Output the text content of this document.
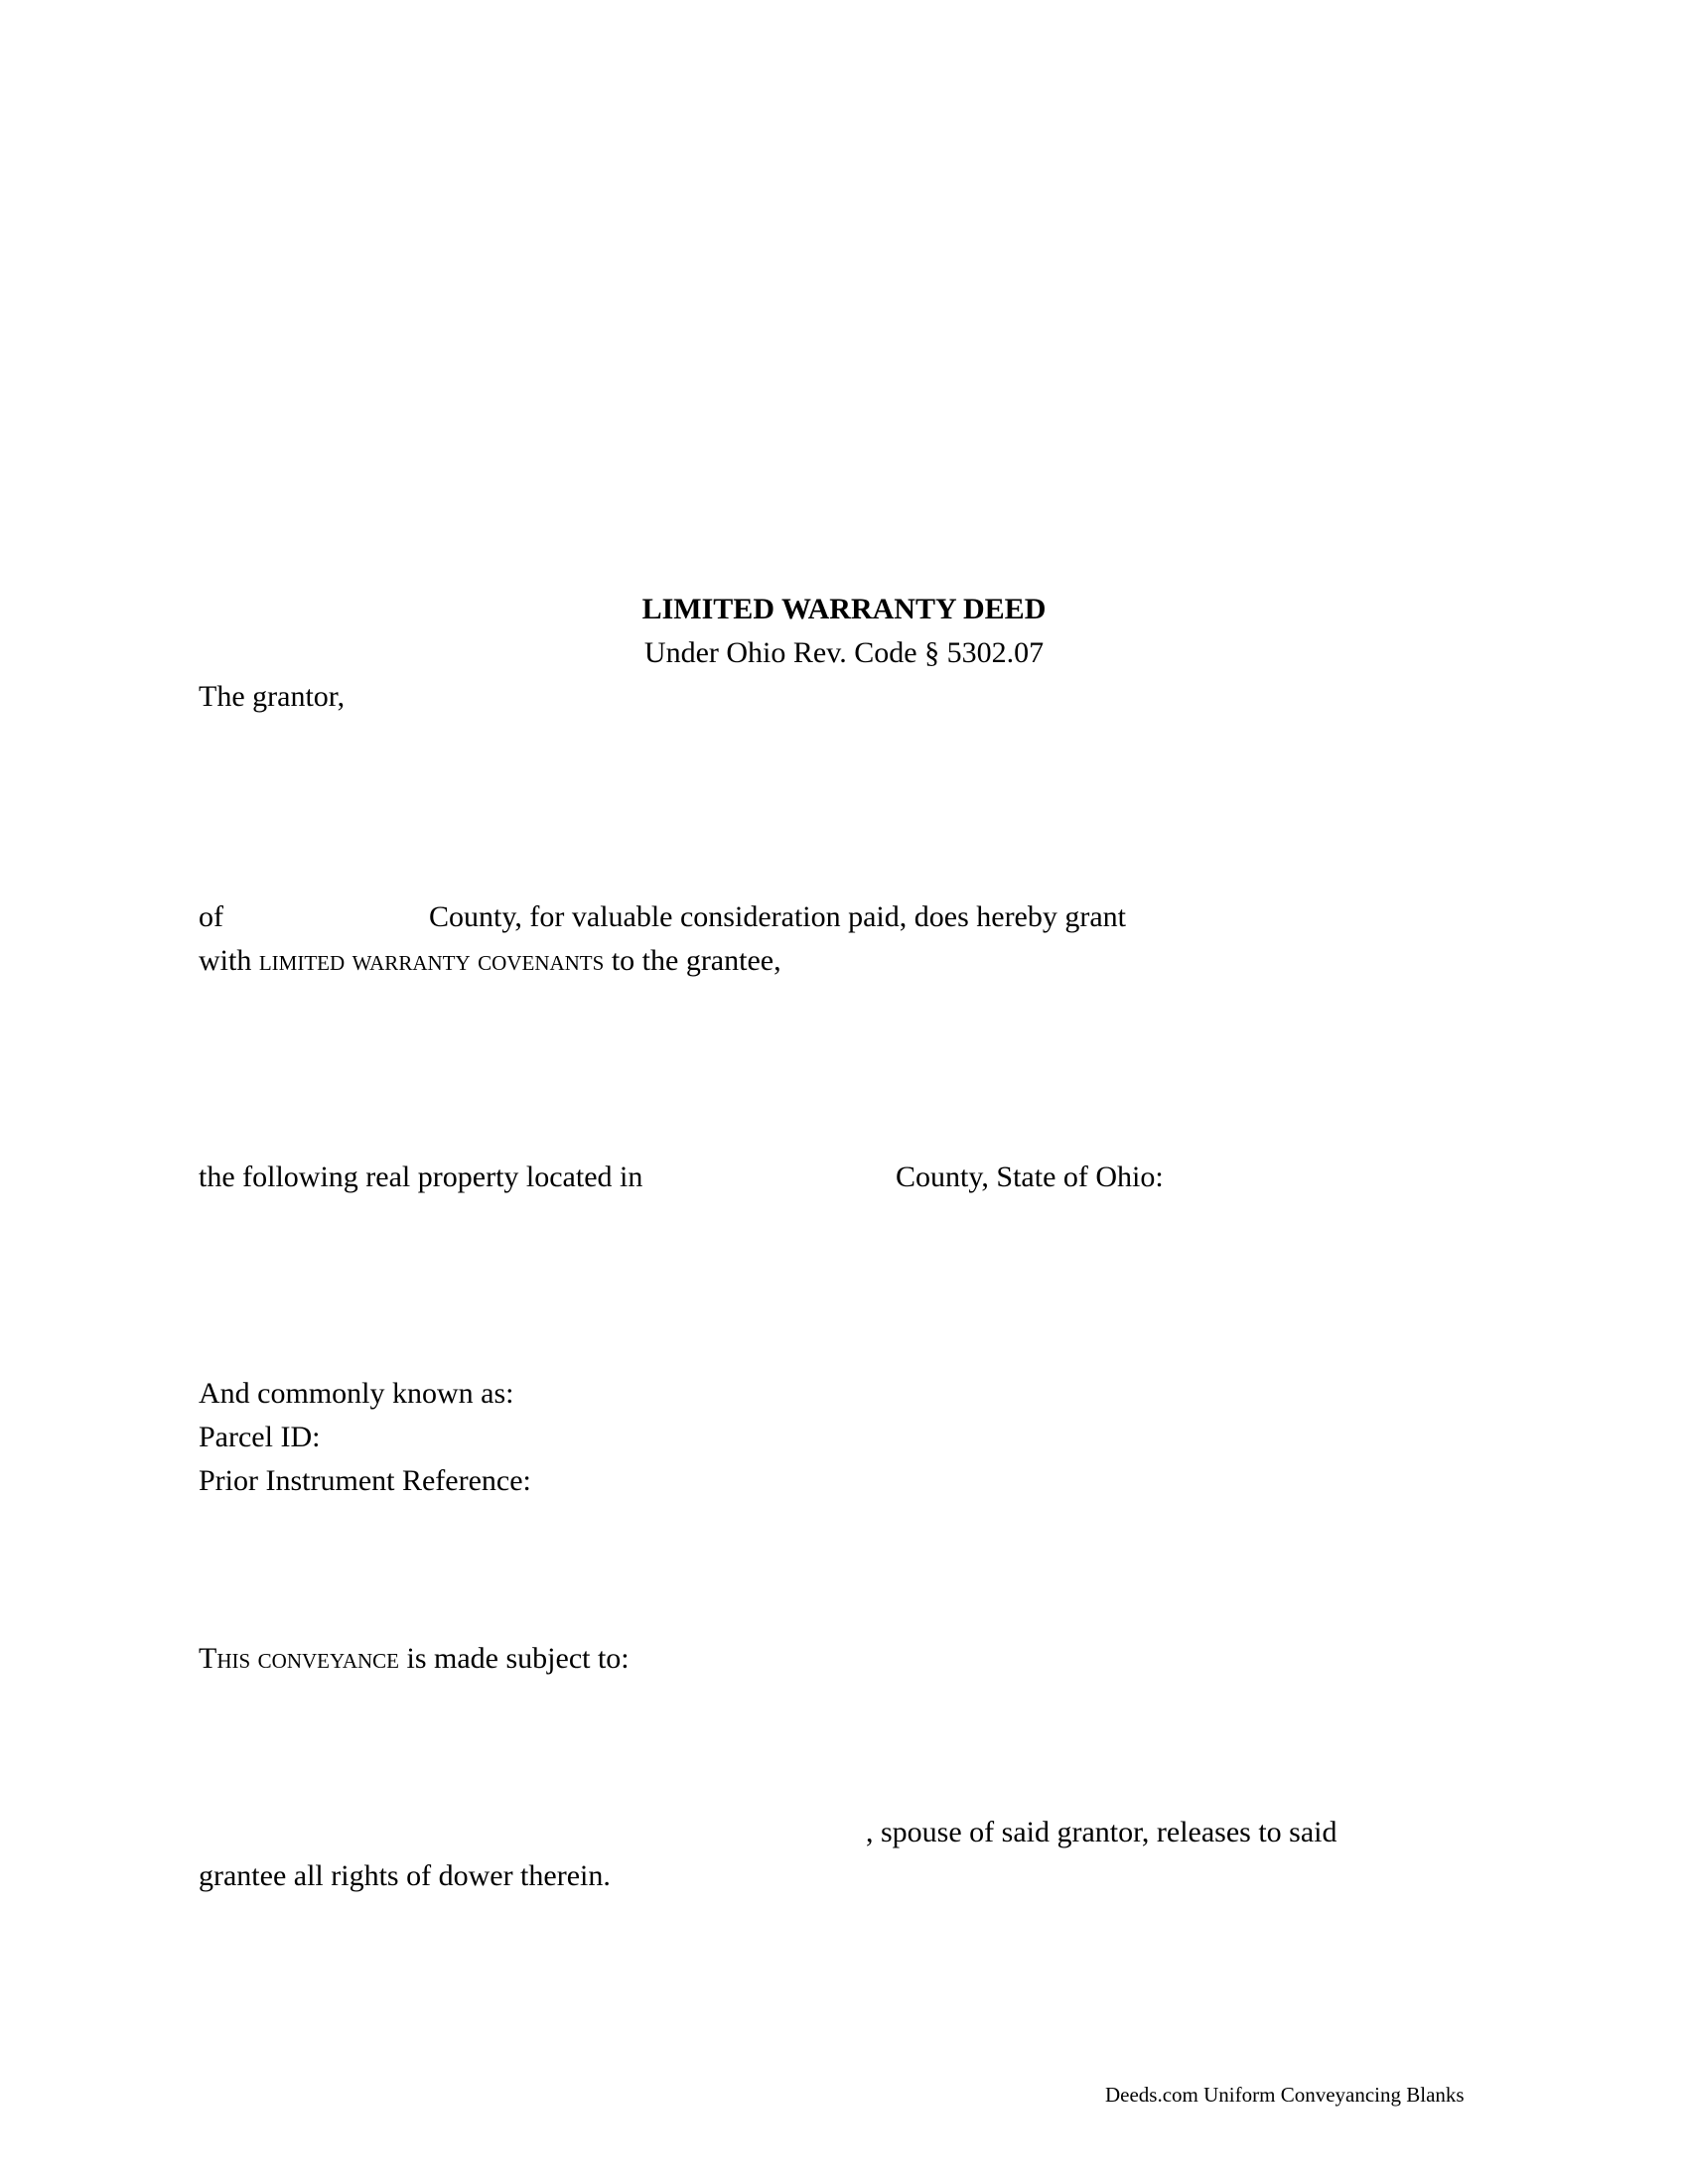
LIMITED WARRANTY DEED
Under Ohio Rev. Code § 5302.07
The grantor,
of	County, for valuable consideration paid, does hereby grant
with limited warranty covenants to the grantee,
the following real property located in	County, State of Ohio:
And commonly known as:
Parcel ID:
Prior Instrument Reference:
This conveyance is made subject to:
, spouse of said grantor, releases to said
grantee all rights of dower therein.
Deeds.com Uniform Conveyancing Blanks
